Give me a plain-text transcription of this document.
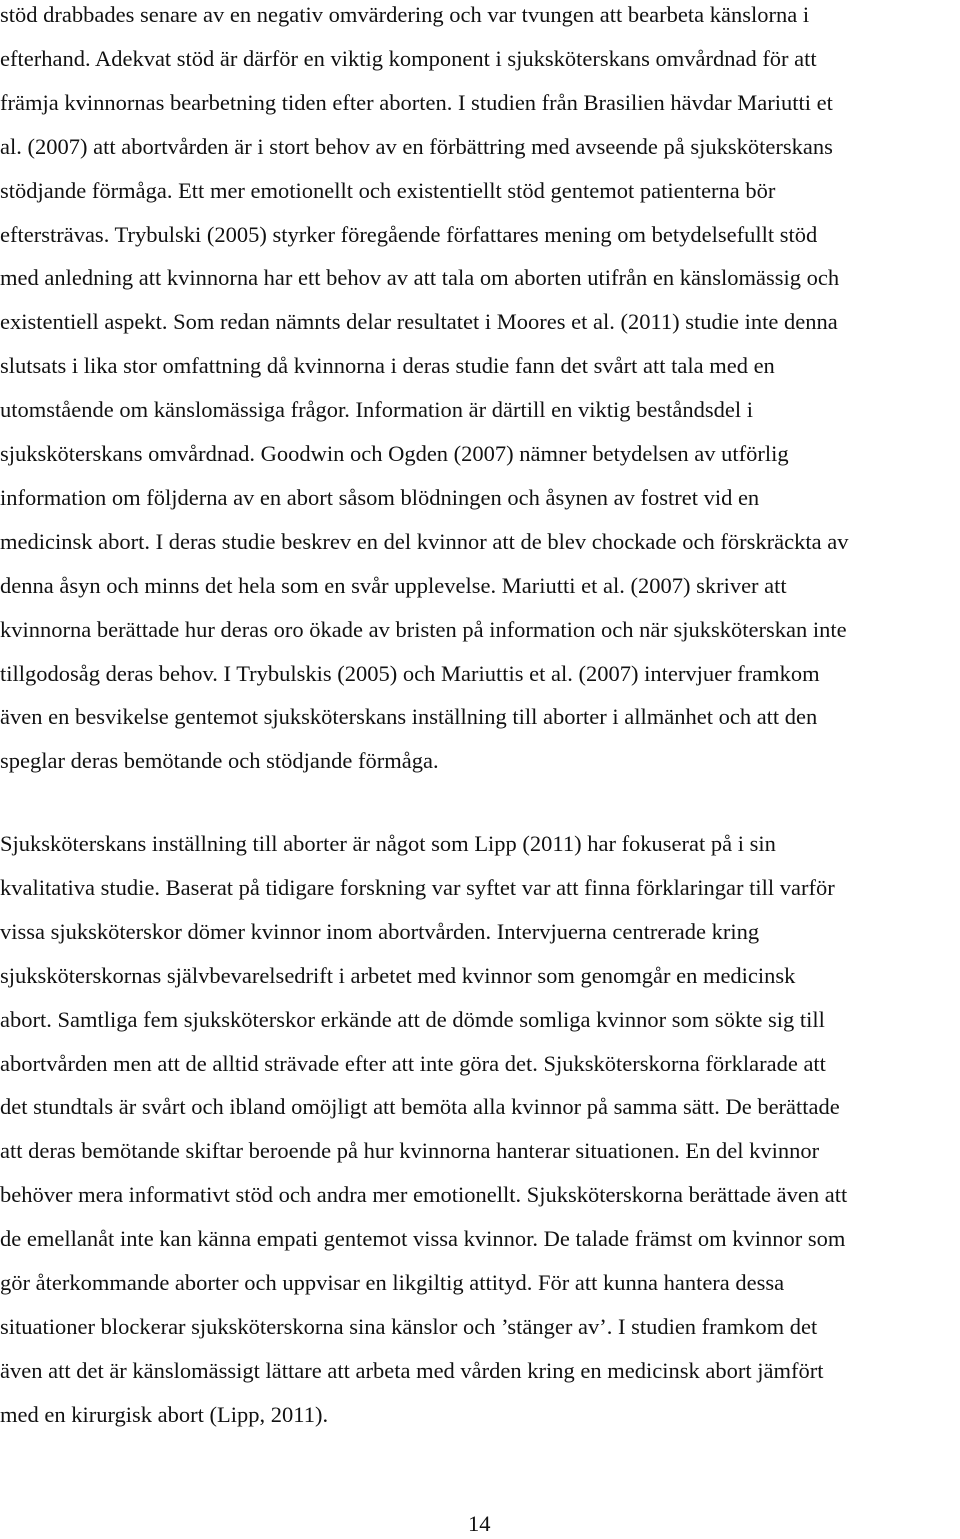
stöd drabbades senare av en negativ omvärdering och var tvungen att bearbeta känslorna i
efterhand. Adekvat stöd är därför en viktig komponent i sjuksköterskans omvårdnad för att
främja kvinnornas bearbetning tiden efter aborten. I studien från Brasilien hävdar Mariutti et
al. (2007) att abortvården är i stort behov av en förbättring med avseende på sjuksköterskans
stödjande förmåga. Ett mer emotionellt och existentiellt stöd gentemot patienterna bör
eftersträvas. Trybulski (2005) styrker föregående författares mening om betydelsefullt stöd
med anledning att kvinnorna har ett behov av att tala om aborten utifrån en känslomässig och
existentiell aspekt. Som redan nämnts delar resultatet i Moores et al. (2011) studie inte denna
slutsats i lika stor omfattning då kvinnorna i deras studie fann det svårt att tala med en
utomstående om känslomässiga frågor. Information är därtill en viktig beståndsdel i
sjuksköterskans omvårdnad. Goodwin och Ogden (2007) nämner betydelsen av utförlig
information om följderna av en abort såsom blödningen och åsynen av fostret vid en
medicinsk abort. I deras studie beskrev en del kvinnor att de blev chockade och förskräckta av
denna åsyn och minns det hela som en svår upplevelse. Mariutti et al. (2007) skriver att
kvinnorna berättade hur deras oro ökade av bristen på information och när sjuksköterskan inte
tillgodosåg deras behov. I Trybulskis (2005) och Mariuttis et al. (2007) intervjuer framkom
även en besvikelse gentemot sjuksköterskans inställning till aborter i allmänhet och att den
speglar deras bemötande och stödjande förmåga.
Sjuksköterskans inställning till aborter är något som Lipp (2011) har fokuserat på i sin
kvalitativa studie. Baserat på tidigare forskning var syftet var att finna förklaringar till varför
vissa sjuksköterskor dömer kvinnor inom abortvården. Intervjuerna centrerade kring
sjuksköterskornas självbevarelsedrift i arbetet med kvinnor som genomgår en medicinsk
abort. Samtliga fem sjuksköterskor erkände att de dömde somliga kvinnor som sökte sig till
abortvården men att de alltid strävade efter att inte göra det. Sjuksköterskorna förklarade att
det stundtals är svårt och ibland omöjligt att bemöta alla kvinnor på samma sätt. De berättade
att deras bemötande skiftar beroende på hur kvinnorna hanterar situationen. En del kvinnor
behöver mera informativt stöd och andra mer emotionellt. Sjuksköterskorna berättade även att
de emellanåt inte kan känna empati gentemot vissa kvinnor. De talade främst om kvinnor som
gör återkommande aborter och uppvisar en likgiltig attityd. För att kunna hantera dessa
situationer blockerar sjuksköterskorna sina känslor och ’stänger av’. I studien framkom det
även att det är känslomässigt lättare att arbeta med vården kring en medicinsk abort jämfört
med en kirurgisk abort (Lipp, 2011).
14
